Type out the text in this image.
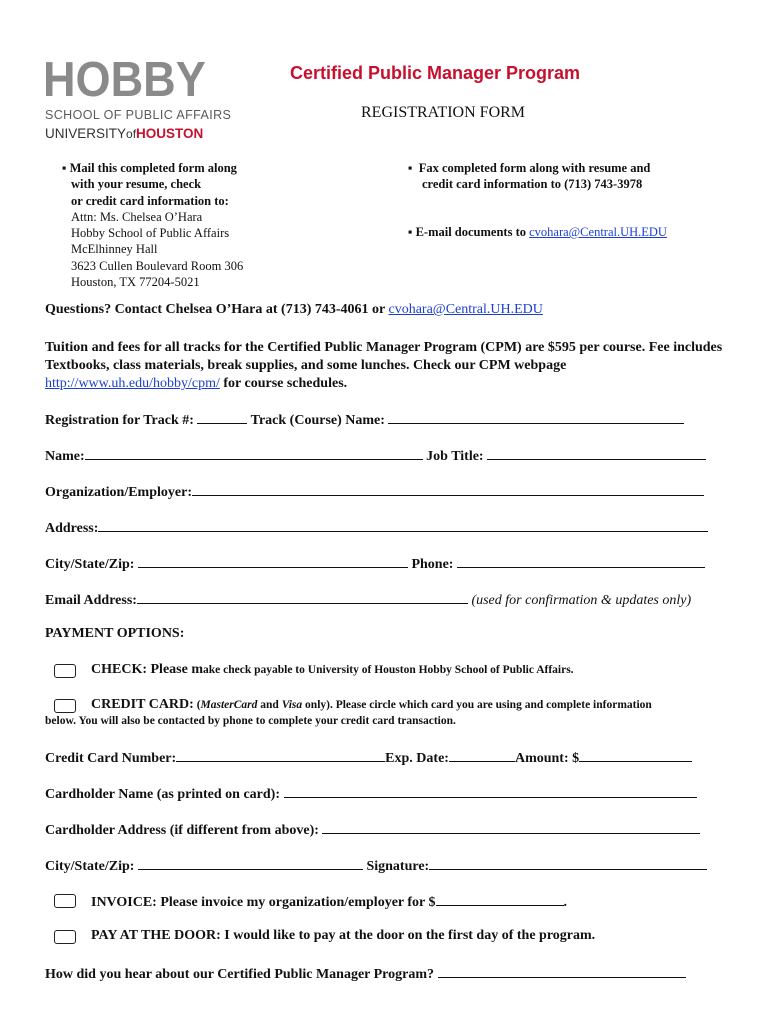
HOBBY
SCHOOL OF PUBLIC AFFAIRS
UNIVERSITYofHOUSTON
Certified Public Manager Program
REGISTRATION FORM
▪ Mail this completed form along
with your resume, check
or credit card information to:
Attn: Ms. Chelsea O’Hara
Hobby School of Public Affairs
McElhinney Hall
3623 Cullen Boulevard Room 306
Houston, TX 77204-5021
▪ Fax completed form along with resume and
credit card information to (713) 743-3978
▪ E-mail documents to cvohara@Central.UH.EDU
Questions? Contact Chelsea O’Hara at (713) 743-4061 or cvohara@Central.UH.EDU
Tuition and fees for all tracks for the Certified Public Manager Program (CPM) are $595 per course. Fee includes Textbooks, class materials, break supplies, and some lunches. Check our CPM webpage http://www.uh.edu/hobby/cpm/ for course schedules.
Registration for Track #:	Track (Course) Name:
Name:	Job Title:
Organization/Employer:
Address:
City/State/Zip:	Phone:
Email Address:	(used for confirmation & updates only)
PAYMENT OPTIONS:
CHECK: Please make check payable to University of Houston Hobby School of Public Affairs.
CREDIT CARD: (MasterCard and Visa only). Please circle which card you are using and complete information
below. You will also be contacted by phone to complete your credit card transaction.
Credit Card Number:	Exp. Date:	Amount: $
Cardholder Name (as printed on card):
Cardholder Address (if different from above):
City/State/Zip:	Signature:
INVOICE: Please invoice my organization/employer for $	.
PAY AT THE DOOR: I would like to pay at the door on the first day of the program.
How did you hear about our Certified Public Manager Program?
